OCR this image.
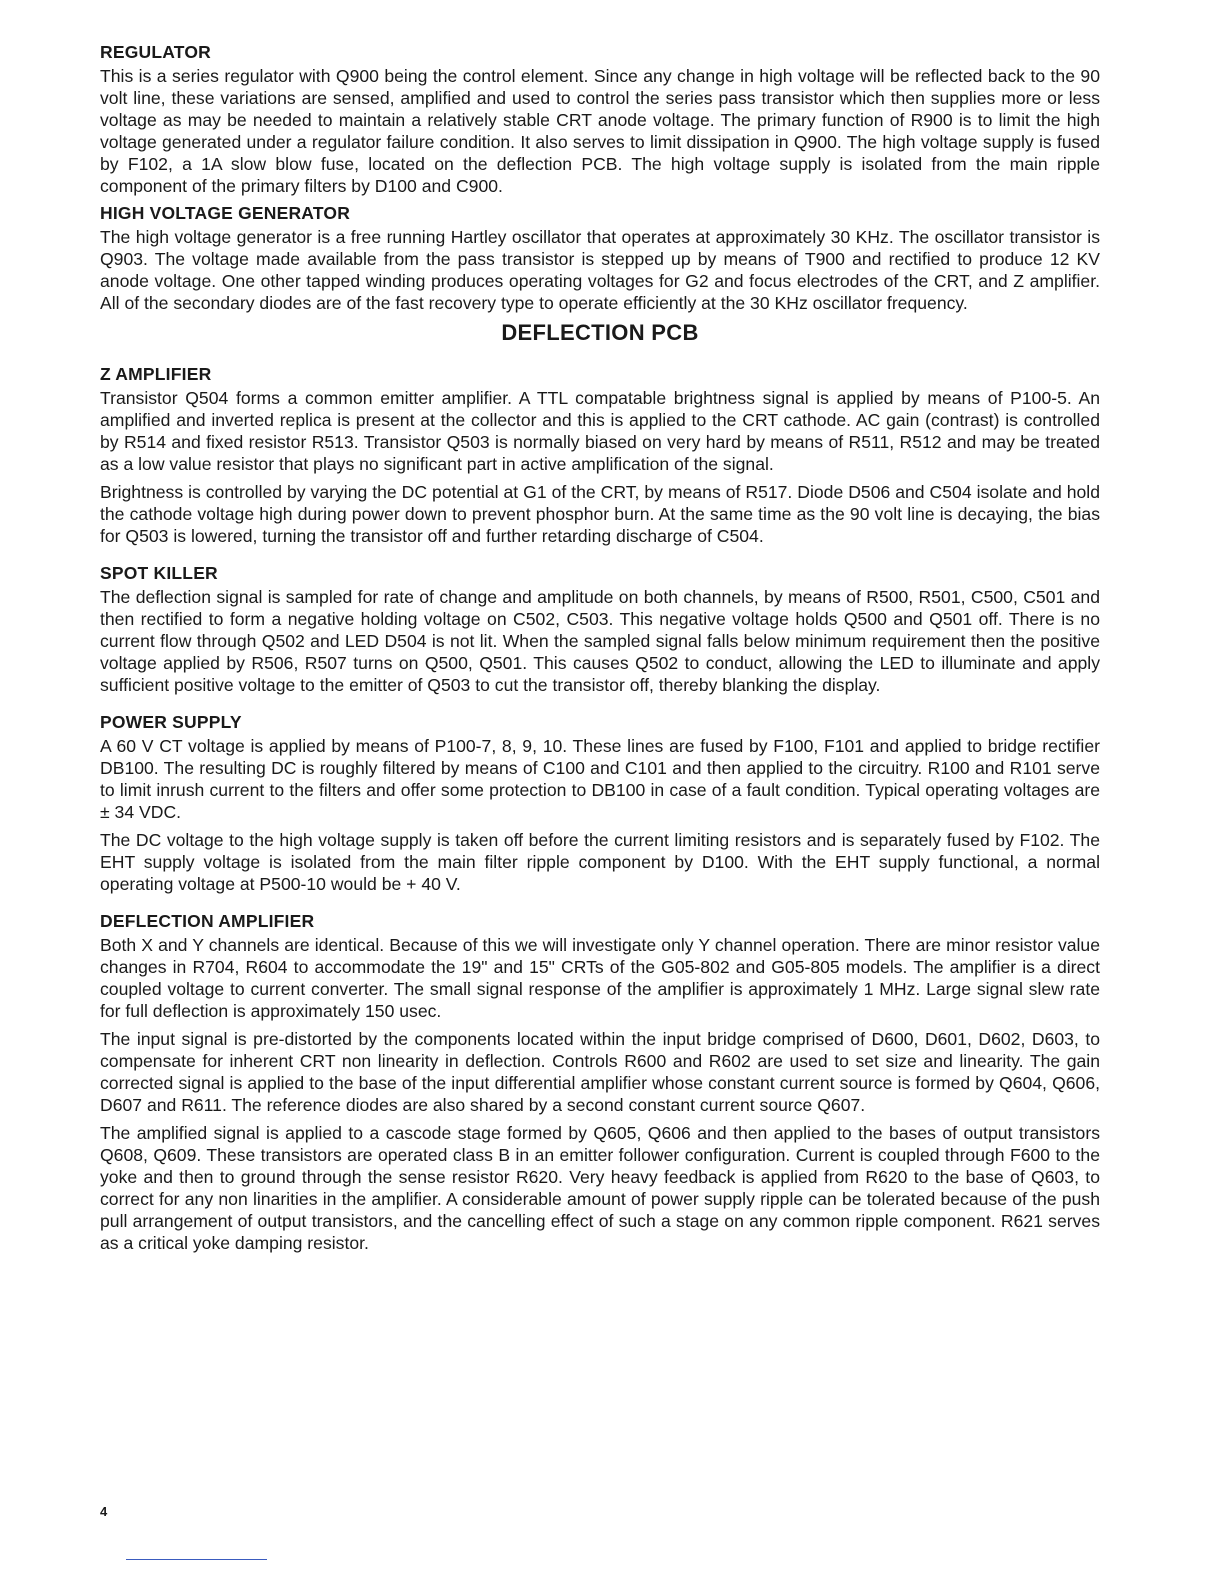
REGULATOR

This is a series regulator with Q900 being the control element. Since any change in high voltage will be reflected back to the 90 volt line, these variations are sensed, amplified and used to control the series pass transistor which then supplies more or less voltage as may be needed to maintain a relatively stable CRT anode voltage. The primary function of R900 is to limit the high voltage generated under a regulator failure condition. It also serves to limit dissipation in Q900. The high voltage supply is fused by F102, a 1A slow blow fuse, located on the deflection PCB. The high voltage supply is isolated from the main ripple component of the primary filters by D100 and C900.

HIGH VOLTAGE GENERATOR

The high voltage generator is a free running Hartley oscillator that operates at approximately 30 KHz. The oscillator transistor is Q903. The voltage made available from the pass transistor is stepped up by means of T900 and rectified to produce 12 KV anode voltage. One other tapped winding produces operating voltages for G2 and focus electrodes of the CRT, and Z amplifier. All of the secondary diodes are of the fast recovery type to operate efficiently at the 30 KHz oscillator frequency.

DEFLECTION PCB
Z AMPLIFIER

Transistor Q504 forms a common emitter amplifier. A TTL compatable brightness signal is applied by means of P100-5. An amplified and inverted replica is present at the collector and this is applied to the CRT cathode. AC gain (contrast) is controlled by R514 and fixed resistor R513. Transistor Q503 is normally biased on very hard by means of R511, R512 and may be treated as a low value resistor that plays no significant part in active amplification of the signal.

Brightness is controlled by varying the DC potential at G1 of the CRT, by means of R517. Diode D506 and C504 isolate and hold the cathode voltage high during power down to prevent phosphor burn. At the same time as the 90 volt line is decaying, the bias for Q503 is lowered, turning the transistor off and further retarding discharge of C504.

SPOT KILLER

The deflection signal is sampled for rate of change and amplitude on both channels, by means of R500, R501, C500, C501 and then rectified to form a negative holding voltage on C502, C503. This negative voltage holds Q500 and Q501 off. There is no current flow through Q502 and LED D504 is not lit. When the sampled signal falls below minimum requirement then the positive voltage applied by R506, R507 turns on Q500, Q501. This causes Q502 to conduct, allowing the LED to illuminate and apply sufficient positive voltage to the emitter of Q503 to cut the transistor off, thereby blanking the display.

POWER SUPPLY

A 60 V CT voltage is applied by means of P100-7, 8, 9, 10. These lines are fused by F100, F101 and applied to bridge rectifier DB100. The resulting DC is roughly filtered by means of C100 and C101 and then applied to the circuitry. R100 and R101 serve to limit inrush current to the filters and offer some protection to DB100 in case of a fault condition. Typical operating voltages are ± 34 VDC.

The DC voltage to the high voltage supply is taken off before the current limiting resistors and is separately fused by F102. The EHT supply voltage is isolated from the main filter ripple component by D100. With the EHT supply functional, a normal operating voltage at P500-10 would be + 40 V.

DEFLECTION AMPLIFIER

Both X and Y channels are identical. Because of this we will investigate only Y channel operation. There are minor resistor value changes in R704, R604 to accommodate the 19" and 15" CRTs of the G05-802 and G05-805 models. The amplifier is a direct coupled voltage to current converter. The small signal response of the amplifier is approximately 1 MHz. Large signal slew rate for full deflection is approximately 150 usec.

The input signal is pre-distorted by the components located within the input bridge comprised of D600, D601, D602, D603, to compensate for inherent CRT non linearity in deflection. Controls R600 and R602 are used to set size and linearity. The gain corrected signal is applied to the base of the input differential amplifier whose constant current source is formed by Q604, Q606, D607 and R611. The reference diodes are also shared by a second constant current source Q607.

The amplified signal is applied to a cascode stage formed by Q605, Q606 and then applied to the bases of output transistors Q608, Q609. These transistors are operated class B in an emitter follower configuration. Current is coupled through F600 to the yoke and then to ground through the sense resistor R620. Very heavy feedback is applied from R620 to the base of Q603, to correct for any non linarities in the amplifier. A considerable amount of power supply ripple can be tolerated because of the push pull arrangement of output transistors, and the cancelling effect of such a stage on any common ripple component. R621 serves as a critical yoke damping resistor.

4
